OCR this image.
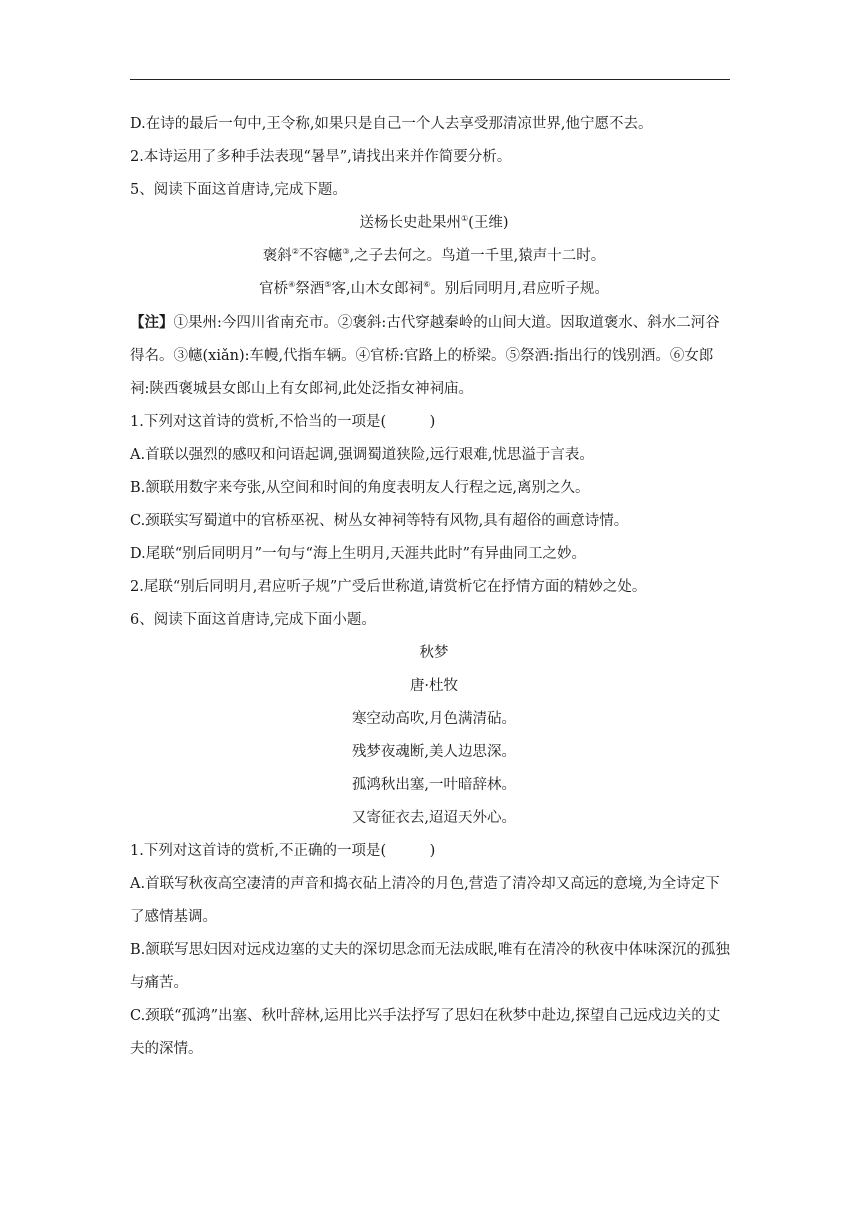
D.在诗的最后一句中,王令称,如果只是自己一个人去享受那清凉世界,他宁愿不去。

2.本诗运用了多种手法表现“暑旱”,请找出来并作简要分析。

5、阅读下面这首唐诗,完成下题。

送杨长史赴果州①(王维)

褒斜②不容幰③,之子去何之。鸟道一千里,猿声十二时。

官桥④祭酒⑤客,山木女郎祠⑥。别后同明月,君应听子规。

【注】①果州:今四川省南充市。②褒斜:古代穿越秦岭的山间大道。因取道褒水、斜水二河谷得名。③幰(xiǎn):车幔,代指车辆。④官桥:官路上的桥梁。⑤祭酒:指出行的饯别酒。⑥女郎祠:陕西褒城县女郎山上有女郎祠,此处泛指女神祠庙。

1.下列对这首诗的赏析,不恰当的一项是(　　　)

A.首联以强烈的感叹和问语起调,强调蜀道狭险,远行艰难,忧思溢于言表。

B.颔联用数字来夸张,从空间和时间的角度表明友人行程之远,离别之久。

C.颈联实写蜀道中的官桥巫祝、树丛女神祠等特有风物,具有超俗的画意诗情。

D.尾联“别后同明月”一句与“海上生明月,天涯共此时”有异曲同工之妙。

2.尾联“别后同明月,君应听子规”广受后世称道,请赏析它在抒情方面的精妙之处。

6、阅读下面这首唐诗,完成下面小题。

秋梦

唐·杜牧

寒空动高吹,月色满清砧。

残梦夜魂断,美人边思深。

孤鸿秋出塞,一叶暗辞林。

又寄征衣去,迢迢天外心。

1.下列对这首诗的赏析,不正确的一项是(　　　)

A.首联写秋夜高空凄清的声音和捣衣砧上清冷的月色,营造了清冷却又高远的意境,为全诗定下了感情基调。

B.颔联写思妇因对远戍边塞的丈夫的深切思念而无法成眠,唯有在清冷的秋夜中体味深沉的孤独与痛苦。

C.颈联“孤鸿”出塞、秋叶辞林,运用比兴手法抒写了思妇在秋梦中赴边,探望自己远戍边关的丈夫的深情。
